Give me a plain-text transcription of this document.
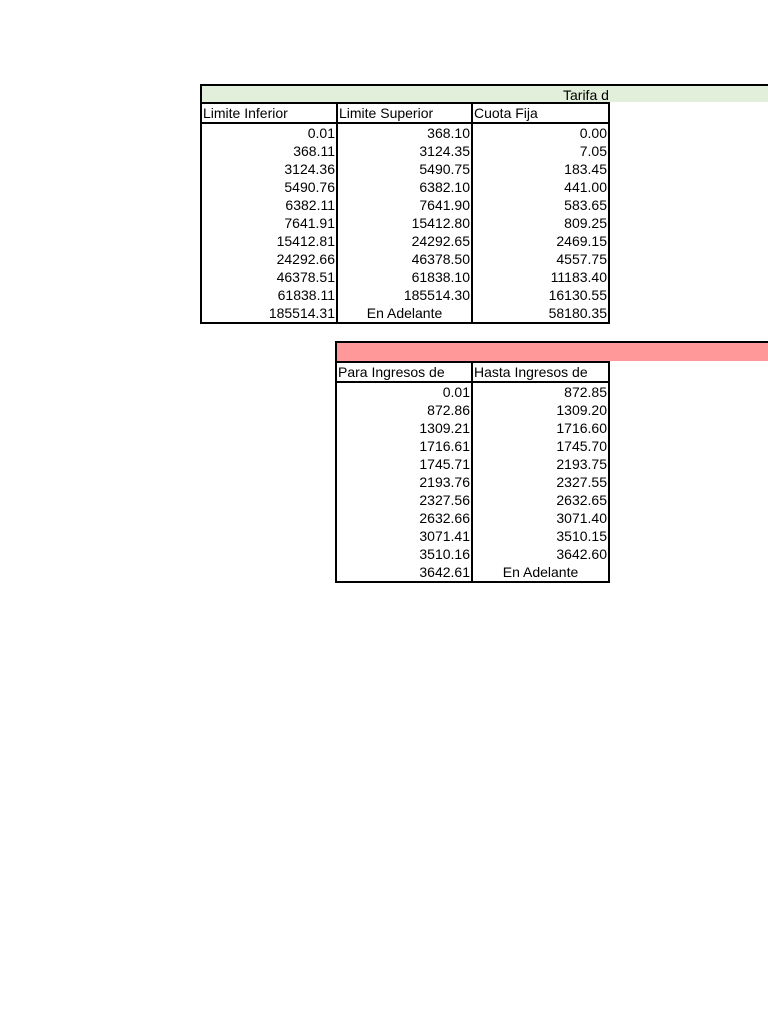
Tarifa d
Limite Inferior	Limite Superior	Cuota Fija
0.01	368.10	0.00
368.11	3124.35	7.05
3124.36	5490.75	183.45
5490.76	6382.10	441.00
6382.11	7641.90	583.65
7641.91	15412.80	809.25
15412.81	24292.65	2469.15
24292.66	46378.50	4557.75
46378.51	61838.10	11183.40
61838.11	185514.30	16130.55
185514.31	En Adelante	58180.35
Para Ingresos de	Hasta Ingresos de
0.01	872.85
872.86	1309.20
1309.21	1716.60
1716.61	1745.70
1745.71	2193.75
2193.76	2327.55
2327.56	2632.65
2632.66	3071.40
3071.41	3510.15
3510.16	3642.60
3642.61	En Adelante
